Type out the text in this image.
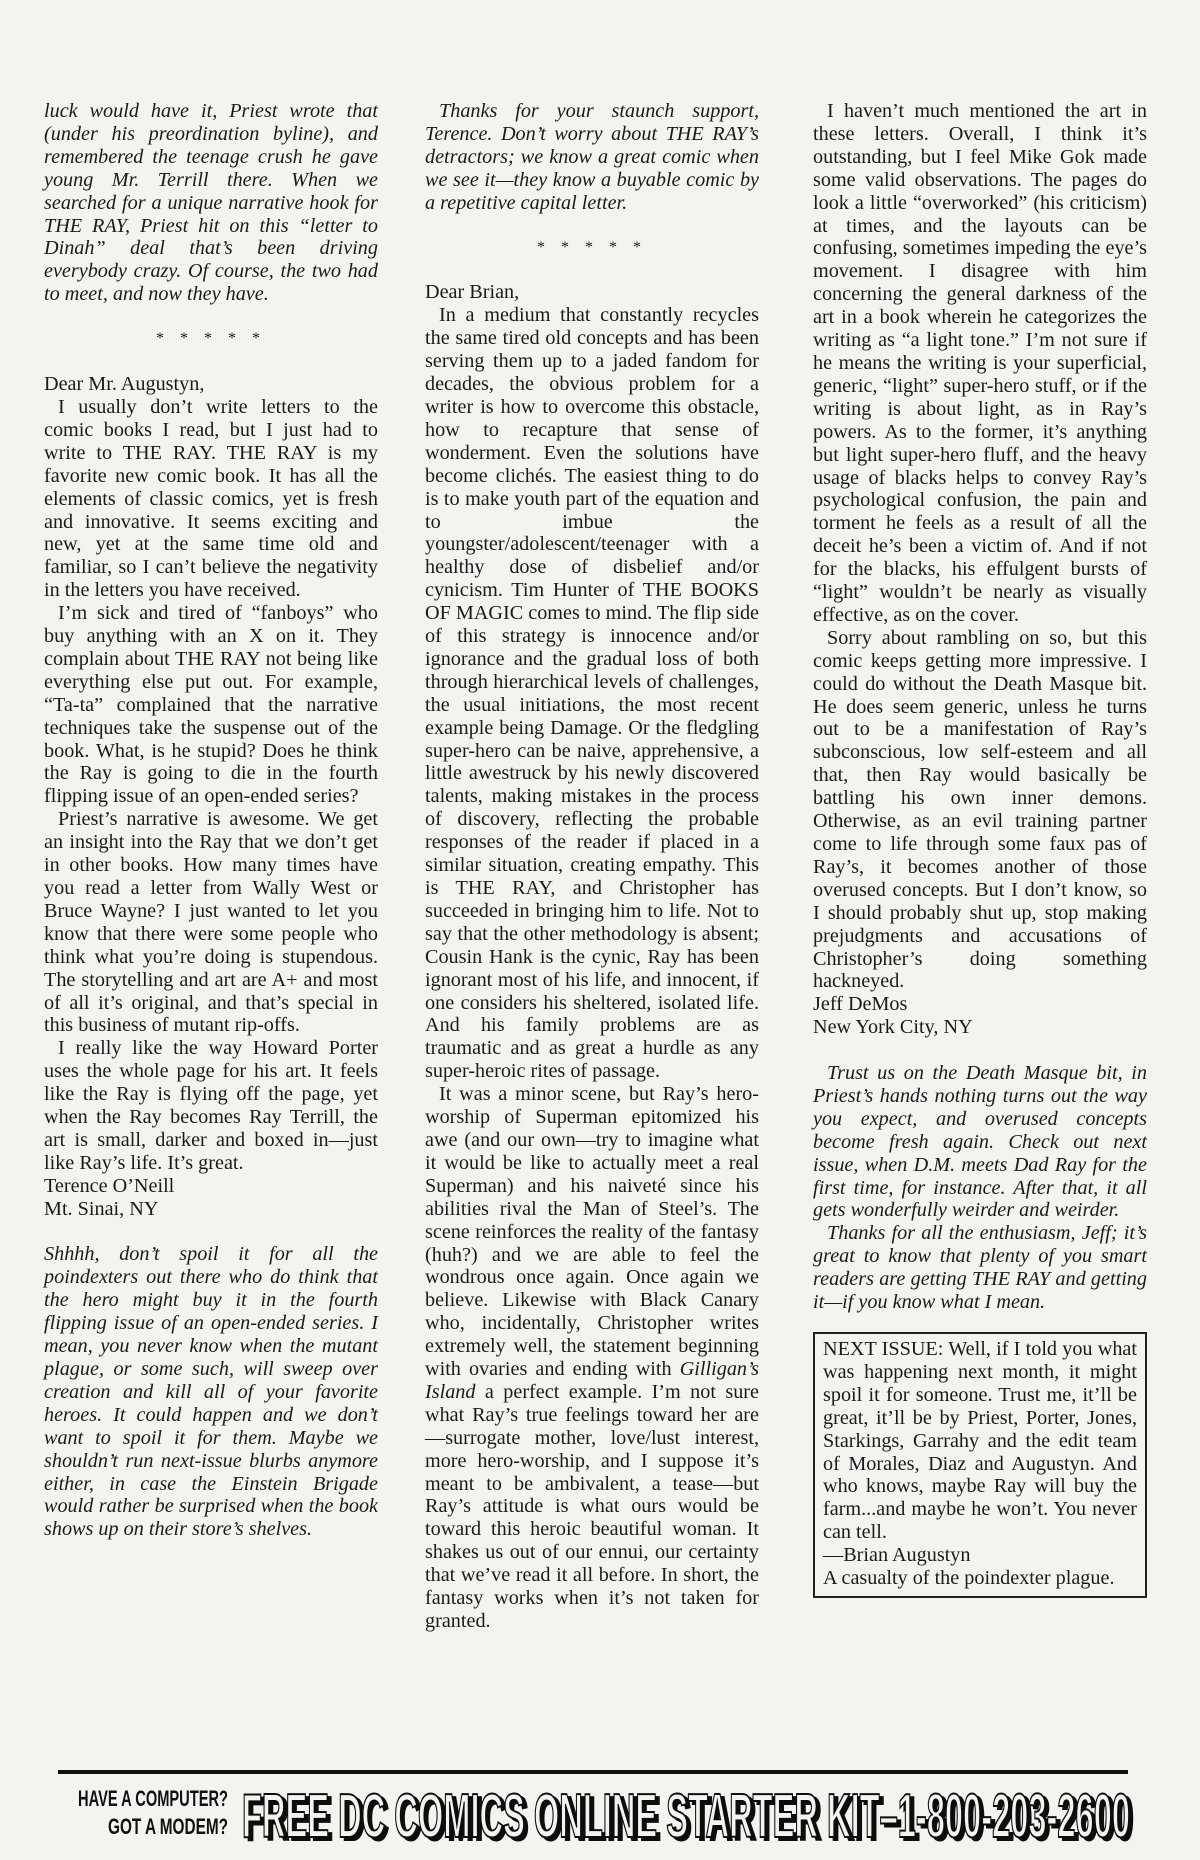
luck would have it, Priest wrote that (under his preordination byline), and remembered the teenage crush he gave young Mr. Terrill there. When we searched for a unique narrative hook for THE RAY, Priest hit on this “letter to Dinah” deal that’s been driving everybody crazy. Of course, the two had to meet, and now they have.

* * * * *

Dear Mr. Augustyn,

I usually don’t write letters to the comic books I read, but I just had to write to THE RAY. THE RAY is my favorite new comic book. It has all the elements of classic comics, yet is fresh and innovative. It seems exciting and new, yet at the same time old and familiar, so I can’t believe the negativity in the letters you have received.

I’m sick and tired of “fanboys” who buy anything with an X on it. They complain about THE RAY not being like everything else put out. For example, “Ta-ta” complained that the narrative techniques take the suspense out of the book. What, is he stupid? Does he think the Ray is going to die in the fourth flipping issue of an open-ended series?

Priest’s narrative is awesome. We get an insight into the Ray that we don’t get in other books. How many times have you read a letter from Wally West or Bruce Wayne? I just wanted to let you know that there were some people who think what you’re doing is stupendous. The storytelling and art are A+ and most of all it’s original, and that’s special in this business of mutant rip-offs.

I really like the way Howard Porter uses the whole page for his art. It feels like the Ray is flying off the page, yet when the Ray becomes Ray Terrill, the art is small, darker and boxed in—just like Ray’s life. It’s great.

Terence O’Neill

Mt. Sinai, NY

Shhhh, don’t spoil it for all the poindexters out there who do think that the hero might buy it in the fourth flipping issue of an open-ended series. I mean, you never know when the mutant plague, or some such, will sweep over creation and kill all of your favorite heroes. It could happen and we don’t want to spoil it for them. Maybe we shouldn’t run next-issue blurbs anymore either, in case the Einstein Brigade would rather be surprised when the book shows up on their store’s shelves.

Thanks for your staunch support, Terence. Don’t worry about THE RAY’s detractors; we know a great comic when we see it—they know a buyable comic by a repetitive capital letter.

* * * * *

Dear Brian,

In a medium that constantly recycles the same tired old concepts and has been serving them up to a jaded fandom for decades, the obvious problem for a writer is how to overcome this obstacle, how to recapture that sense of wonderment. Even the solutions have become clichés. The easiest thing to do is to make youth part of the equation and to imbue the youngster/adolescent/teenager with a healthy dose of disbelief and/or cynicism. Tim Hunter of THE BOOKS OF MAGIC comes to mind. The flip side of this strategy is innocence and/or ignorance and the gradual loss of both through hierarchical levels of challenges, the usual initiations, the most recent example being Damage. Or the fledgling super-hero can be naive, apprehensive, a little awestruck by his newly discovered talents, making mistakes in the process of discovery, reflecting the probable responses of the reader if placed in a similar situation, creating empathy. This is THE RAY, and Christopher has succeeded in bringing him to life. Not to say that the other methodology is absent; Cousin Hank is the cynic, Ray has been ignorant most of his life, and innocent, if one considers his sheltered, isolated life. And his family problems are as traumatic and as great a hurdle as any super-heroic rites of passage.

It was a minor scene, but Ray’s hero-worship of Superman epitomized his awe (and our own—try to imagine what it would be like to actually meet a real Superman) and his naiveté since his abilities rival the Man of Steel’s. The scene reinforces the reality of the fantasy (huh?) and we are able to feel the wondrous once again. Once again we believe. Likewise with Black Canary who, incidentally, Christopher writes extremely well, the statement beginning with ovaries and ending with Gilligan’s Island a perfect example. I’m not sure what Ray’s true feelings toward her are—surrogate mother, love/lust interest, more hero-worship, and I suppose it’s meant to be ambivalent, a tease—but Ray’s attitude is what ours would be toward this heroic beautiful woman. It shakes us out of our ennui, our certainty that we’ve read it all before. In short, the fantasy works when it’s not taken for granted.

I haven’t much mentioned the art in these letters. Overall, I think it’s outstanding, but I feel Mike Gok made some valid observations. The pages do look a little “overworked” (his criticism) at times, and the layouts can be confusing, sometimes impeding the eye’s movement. I disagree with him concerning the general darkness of the art in a book wherein he categorizes the writing as “a light tone.” I’m not sure if he means the writing is your superficial, generic, “light” super-hero stuff, or if the writing is about light, as in Ray’s powers. As to the former, it’s anything but light super-hero fluff, and the heavy usage of blacks helps to convey Ray’s psychological confusion, the pain and torment he feels as a result of all the deceit he’s been a victim of. And if not for the blacks, his effulgent bursts of “light” wouldn’t be nearly as visually effective, as on the cover.

Sorry about rambling on so, but this comic keeps getting more impressive. I could do without the Death Masque bit. He does seem generic, unless he turns out to be a manifestation of Ray’s subconscious, low self-esteem and all that, then Ray would basically be battling his own inner demons. Otherwise, as an evil training partner come to life through some faux pas of Ray’s, it becomes another of those overused concepts. But I don’t know, so I should probably shut up, stop making prejudgments and accusations of Christopher’s doing something hackneyed.

Jeff DeMos

New York City, NY

Trust us on the Death Masque bit, in Priest’s hands nothing turns out the way you expect, and overused concepts become fresh again. Check out next issue, when D.M. meets Dad Ray for the first time, for instance. After that, it all gets wonderfully weirder and weirder.

Thanks for all the enthusiasm, Jeff; it’s great to know that plenty of you smart readers are getting THE RAY and getting it—if you know what I mean.

NEXT ISSUE: Well, if I told you what was happening next month, it might spoil it for someone. Trust me, it’ll be great, it’ll be by Priest, Porter, Jones, Starkings, Garrahy and the edit team of Morales, Diaz and Augustyn. And who knows, maybe Ray will buy the farm...and maybe he won’t. You never can tell.

—Brian Augustyn

A casualty of the poindexter plague.

HAVE A COMPUTER?
GOT A MODEM? FREE DC COMICS ONLINE STARTER KIT–1-800-203-2600
